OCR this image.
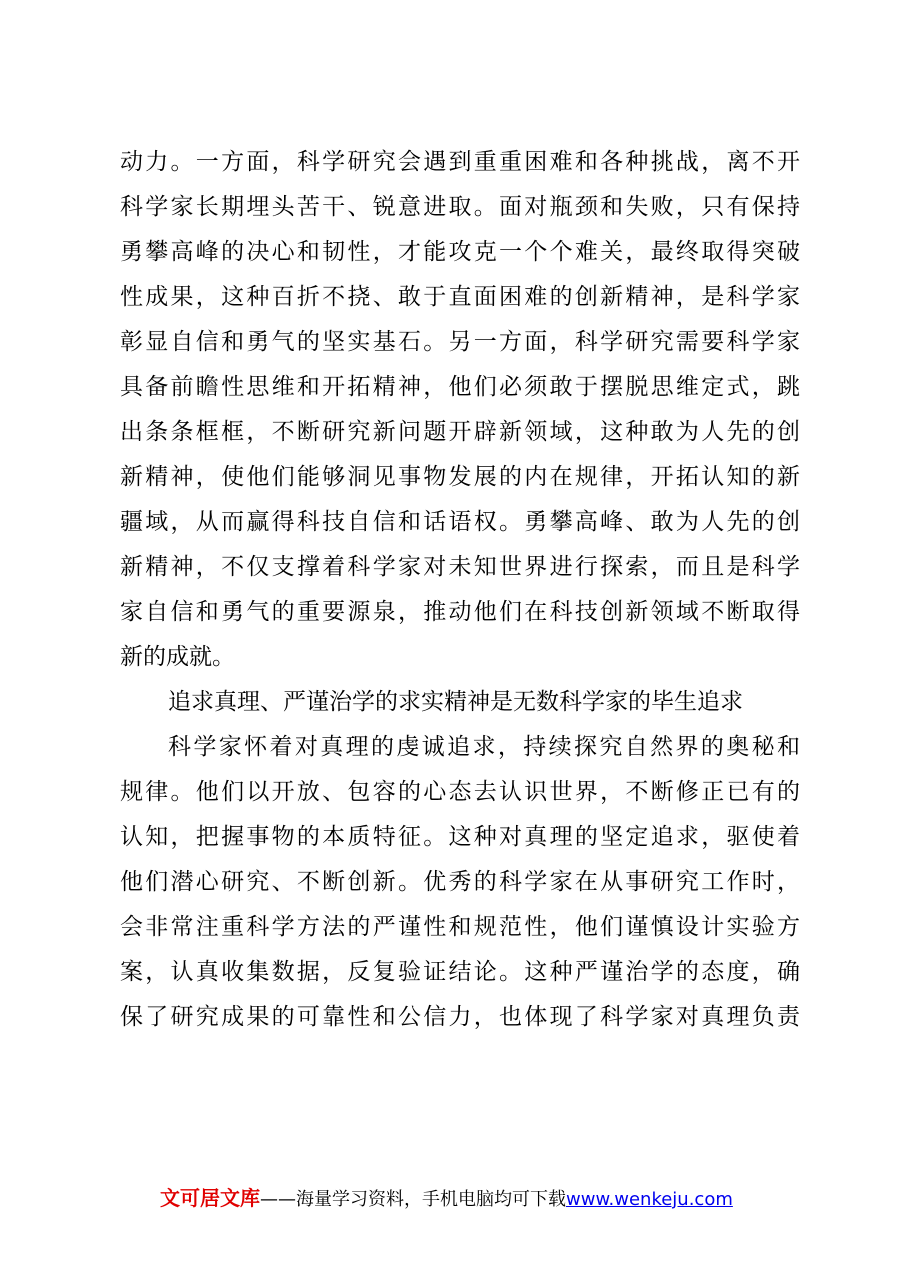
动力。一方面，科学研究会遇到重重困难和各种挑战，离不开
科学家长期埋头苦干、锐意进取。面对瓶颈和失败，只有保持
勇攀高峰的决心和韧性，才能攻克一个个难关，最终取得突破
性成果，这种百折不挠、敢于直面困难的创新精神，是科学家
彰显自信和勇气的坚实基石。另一方面，科学研究需要科学家
具备前瞻性思维和开拓精神，他们必须敢于摆脱思维定式，跳
出条条框框，不断研究新问题开辟新领域，这种敢为人先的创
新精神，使他们能够洞见事物发展的内在规律，开拓认知的新
疆域，从而赢得科技自信和话语权。勇攀高峰、敢为人先的创
新精神，不仅支撑着科学家对未知世界进行探索，而且是科学
家自信和勇气的重要源泉，推动他们在科技创新领域不断取得
新的成就。
追求真理、严谨治学的求实精神是无数科学家的毕生追求
科学家怀着对真理的虔诚追求，持续探究自然界的奥秘和
规律。他们以开放、包容的心态去认识世界，不断修正已有的
认知，把握事物的本质特征。这种对真理的坚定追求，驱使着
他们潜心研究、不断创新。优秀的科学家在从事研究工作时，
会非常注重科学方法的严谨性和规范性，他们谨慎设计实验方
案，认真收集数据，反复验证结论。这种严谨治学的态度，确
保了研究成果的可靠性和公信力，也体现了科学家对真理负责
文可居文库——海量学习资料，手机电脑均可下载www.wenkeju.com
